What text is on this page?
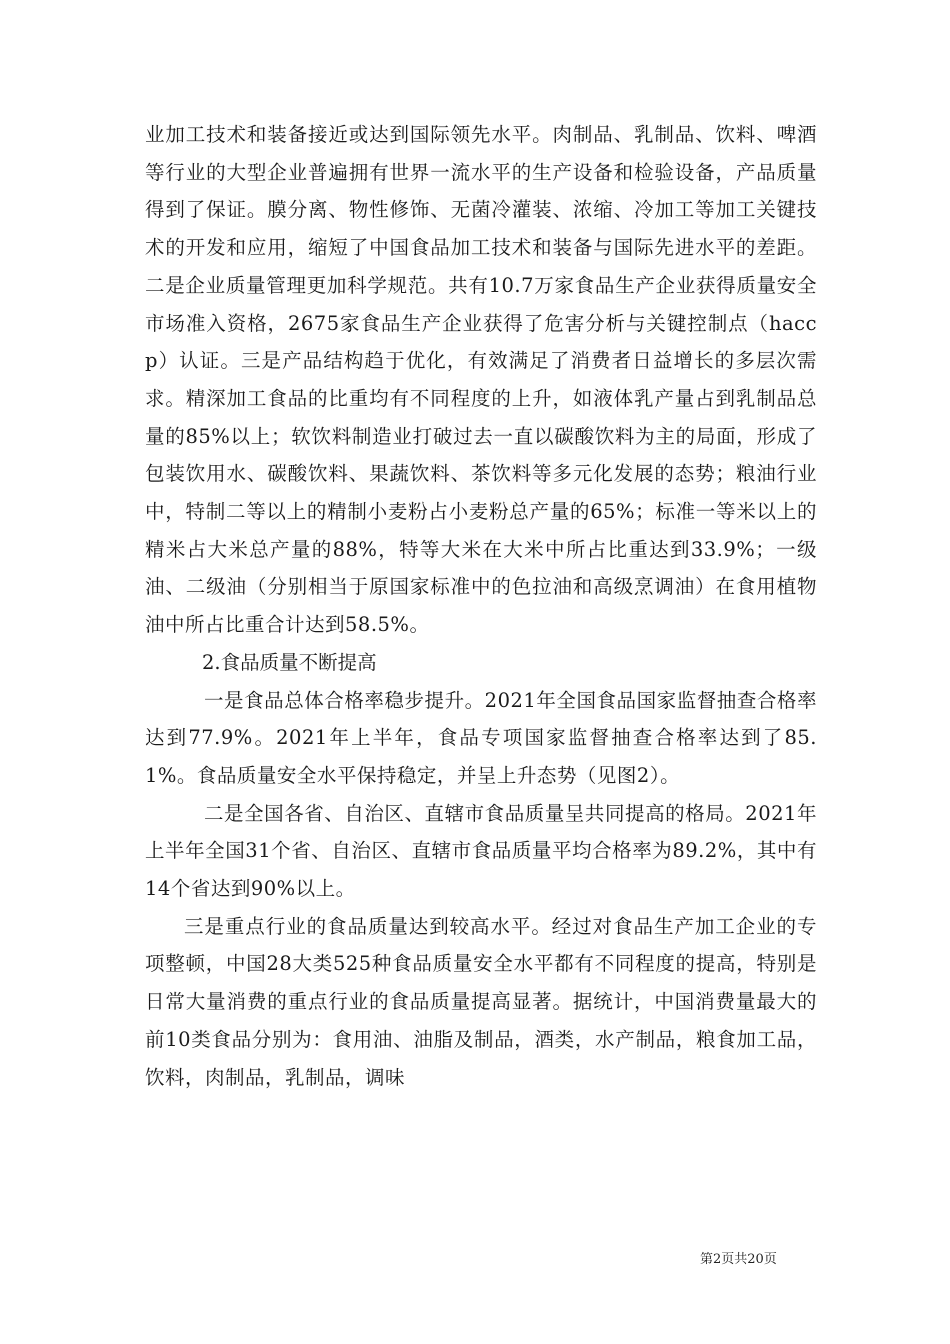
业加工技术和装备接近或达到国际领先水平。肉制品、乳制品、饮料、啤酒等行业的大型企业普遍拥有世界一流水平的生产设备和检验设备，产品质量得到了保证。膜分离、物性修饰、无菌冷灌装、浓缩、冷加工等加工关键技术的开发和应用，缩短了中国食品加工技术和装备与国际先进水平的差距。二是企业质量管理更加科学规范。共有10.7万家食品生产企业获得质量安全市场准入资格，2675家食品生产企业获得了危害分析与关键控制点（haccp）认证。三是产品结构趋于优化，有效满足了消费者日益增长的多层次需求。精深加工食品的比重均有不同程度的上升，如液体乳产量占到乳制品总量的85%以上；软饮料制造业打破过去一直以碳酸饮料为主的局面，形成了包装饮用水、碳酸饮料、果蔬饮料、茶饮料等多元化发展的态势；粮油行业中，特制二等以上的精制小麦粉占小麦粉总产量的65%；标准一等米以上的精米占大米总产量的88%，特等大米在大米中所占比重达到33.9%；一级油、二级油（分别相当于原国家标准中的色拉油和高级烹调油）在食用植物油中所占比重合计达到58.5%。

2.食品质量不断提高

一是食品总体合格率稳步提升。2021年全国食品国家监督抽查合格率达到77.9%。2021年上半年，食品专项国家监督抽查合格率达到了85.1%。食品质量安全水平保持稳定，并呈上升态势（见图2）。

二是全国各省、自治区、直辖市食品质量呈共同提高的格局。2021年上半年全国31个省、自治区、直辖市食品质量平均合格率为89.2%，其中有14个省达到90%以上。

三是重点行业的食品质量达到较高水平。经过对食品生产加工企业的专项整顿，中国28大类525种食品质量安全水平都有不同程度的提高，特别是日常大量消费的重点行业的食品质量提高显著。据统计，中国消费量最大的前10类食品分别为：食用油、油脂及制品，酒类，水产制品，粮食加工品，饮料，肉制品，乳制品，调味

第2页共20页
